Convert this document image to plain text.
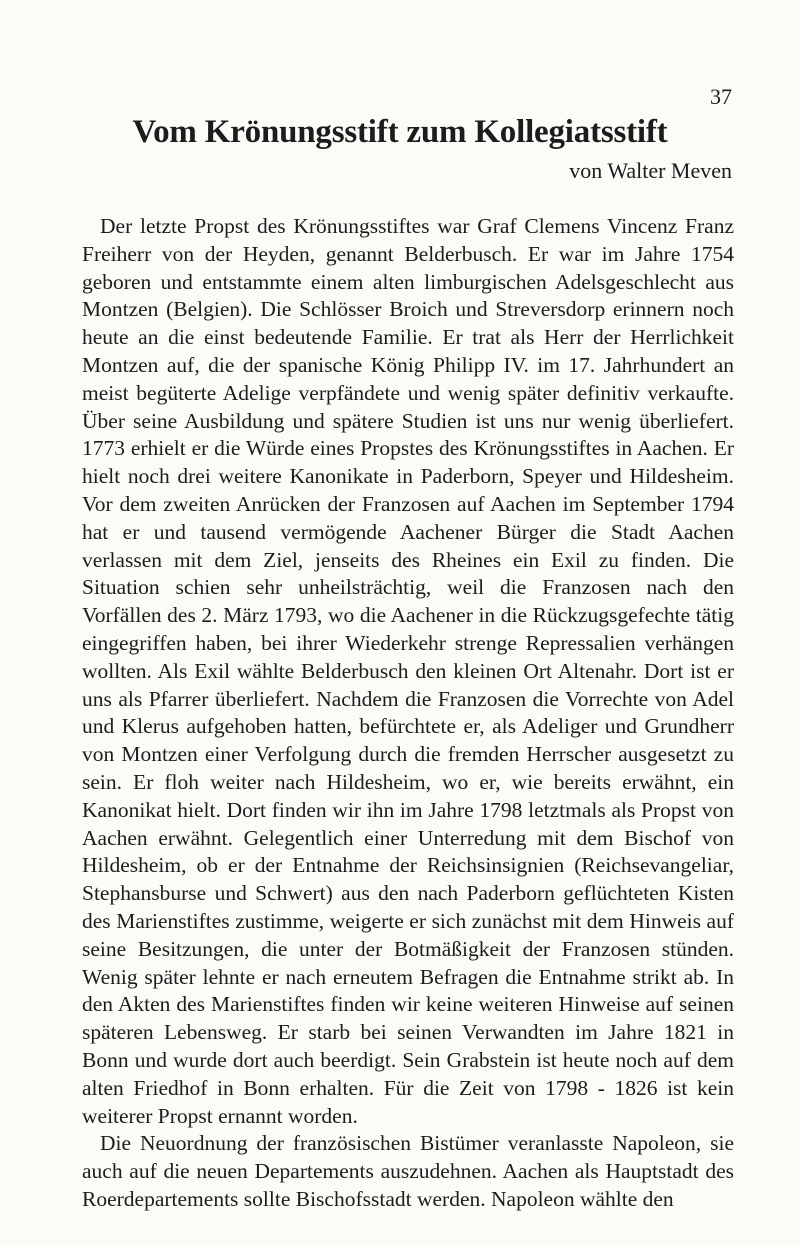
37
Vom Krönungsstift zum Kollegiatsstift
von Walter Meven

Der letzte Propst des Krönungsstiftes war Graf Clemens Vincenz Franz Freiherr von der Heyden, genannt Belderbusch. Er war im Jahre 1754 geboren und entstammte einem alten limburgischen Adelsgeschlecht aus Montzen (Belgien). Die Schlösser Broich und Streversdorp erinnern noch heute an die einst bedeutende Familie. Er trat als Herr der Herrlichkeit Montzen auf, die der spanische König Philipp IV. im 17. Jahrhundert an meist begüterte Adelige verpfändete und wenig später definitiv verkaufte. Über seine Ausbildung und spätere Studien ist uns nur wenig überliefert. 1773 erhielt er die Würde eines Propstes des Krönungsstiftes in Aachen. Er hielt noch drei weitere Kanonikate in Paderborn, Speyer und Hildesheim. Vor dem zweiten Anrücken der Franzosen auf Aachen im September 1794 hat er und tausend vermögende Aachener Bürger die Stadt Aachen verlassen mit dem Ziel, jenseits des Rheines ein Exil zu finden. Die Situation schien sehr unheilsträchtig, weil die Franzosen nach den Vorfällen des 2. März 1793, wo die Aachener in die Rückzugsgefechte tätig eingegriffen haben, bei ihrer Wiederkehr strenge Repressalien verhängen wollten. Als Exil wählte Belderbusch den kleinen Ort Altenahr. Dort ist er uns als Pfarrer überliefert. Nachdem die Franzosen die Vorrechte von Adel und Klerus aufgehoben hatten, befürchtete er, als Adeliger und Grundherr von Montzen einer Verfolgung durch die fremden Herrscher ausgesetzt zu sein. Er floh weiter nach Hildesheim, wo er, wie bereits erwähnt, ein Kanonikat hielt. Dort finden wir ihn im Jahre 1798 letztmals als Propst von Aachen erwähnt. Gelegentlich einer Unterredung mit dem Bischof von Hildesheim, ob er der Entnahme der Reichsinsignien (Reichsevangeliar, Stephansburse und Schwert) aus den nach Paderborn geflüchteten Kisten des Marienstiftes zustimme, weigerte er sich zunächst mit dem Hinweis auf seine Besitzungen, die unter der Botmäßigkeit der Franzosen stünden. Wenig später lehnte er nach erneutem Befragen die Entnahme strikt ab. In den Akten des Marienstiftes finden wir keine weiteren Hinweise auf seinen späteren Lebensweg. Er starb bei seinen Verwandten im Jahre 1821 in Bonn und wurde dort auch beerdigt. Sein Grabstein ist heute noch auf dem alten Friedhof in Bonn erhalten. Für die Zeit von 1798 - 1826 ist kein weiterer Propst ernannt worden.

Die Neuordnung der französischen Bistümer veranlasste Napoleon, sie auch auf die neuen Departements auszudehnen. Aachen als Hauptstadt des Roerdepartements sollte Bischofsstadt werden. Napoleon wählte den
